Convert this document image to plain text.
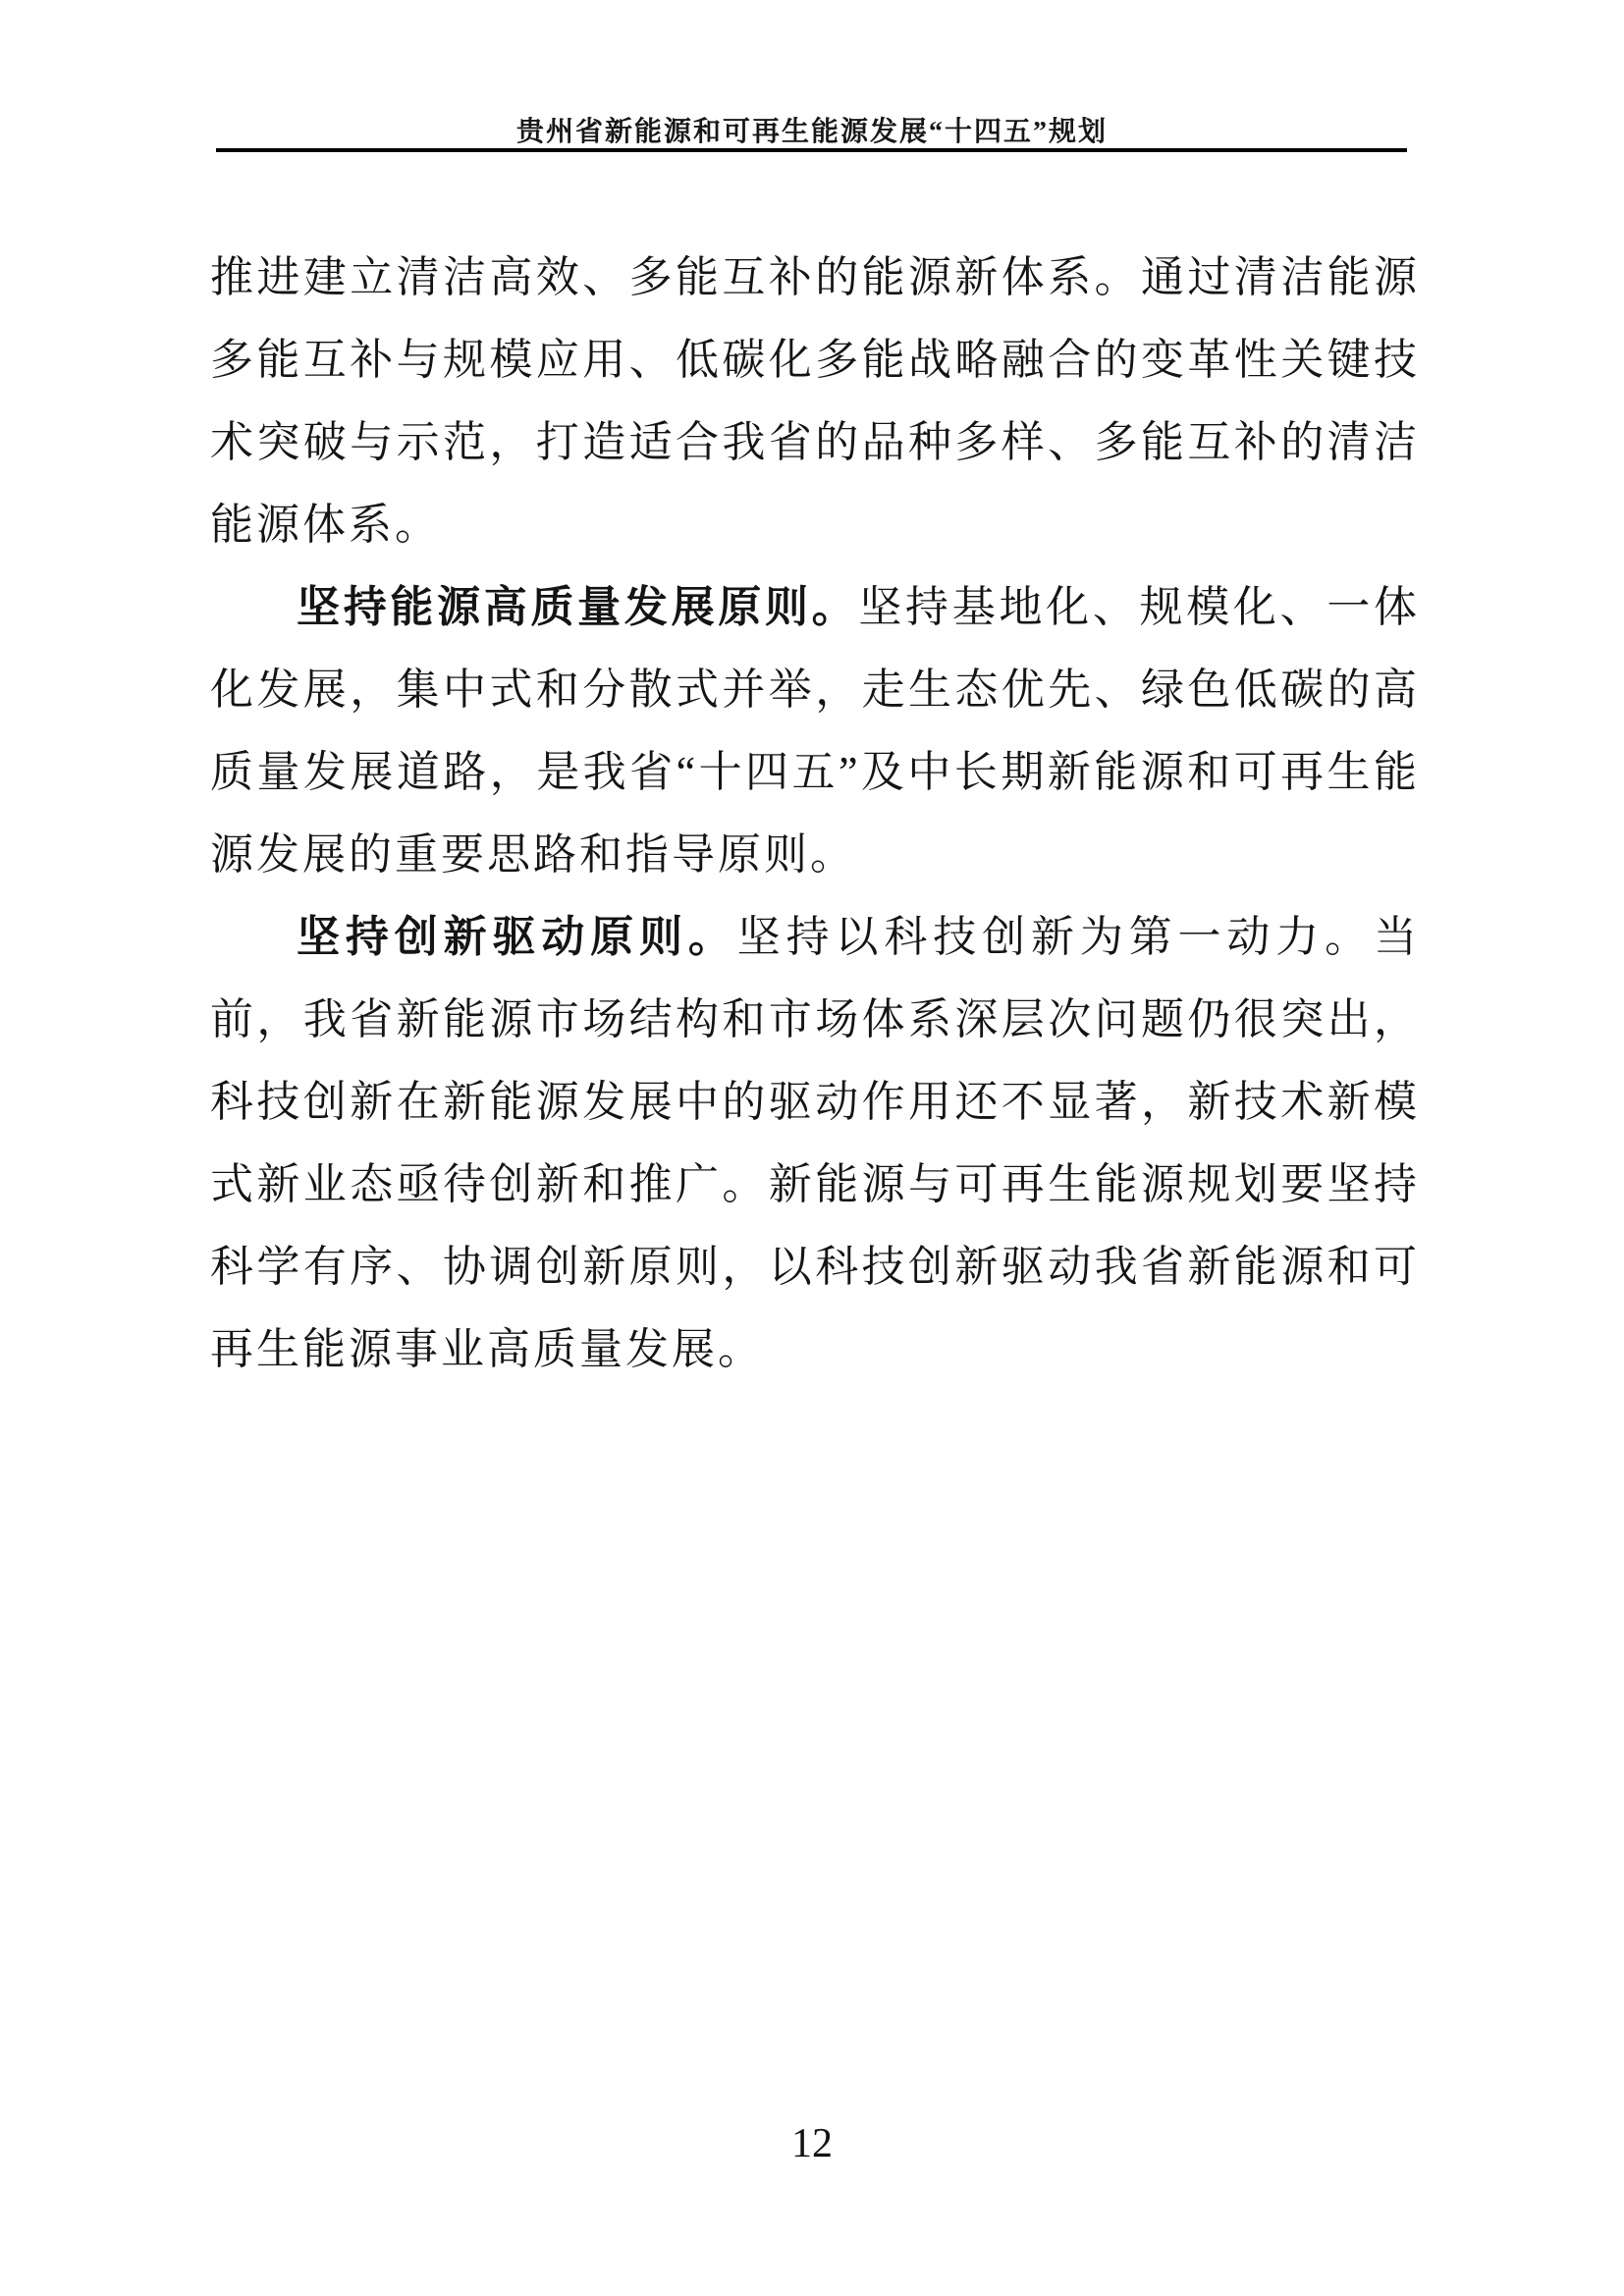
贵州省新能源和可再生能源发展“十四五”规划

推进建立清洁高效、多能互补的能源新体系。通过清洁能源多能互补与规模应用、低碳化多能战略融合的变革性关键技术突破与示范，打造适合我省的品种多样、多能互补的清洁能源体系。

坚持能源高质量发展原则。坚持基地化、规模化、一体化发展，集中式和分散式并举，走生态优先、绿色低碳的高质量发展道路，是我省“十四五”及中长期新能源和可再生能源发展的重要思路和指导原则。

坚持创新驱动原则。坚持以科技创新为第一动力。当前，我省新能源市场结构和市场体系深层次问题仍很突出，科技创新在新能源发展中的驱动作用还不显著，新技术新模式新业态亟待创新和推广。新能源与可再生能源规划要坚持科学有序、协调创新原则，以科技创新驱动我省新能源和可再生能源事业高质量发展。

12
